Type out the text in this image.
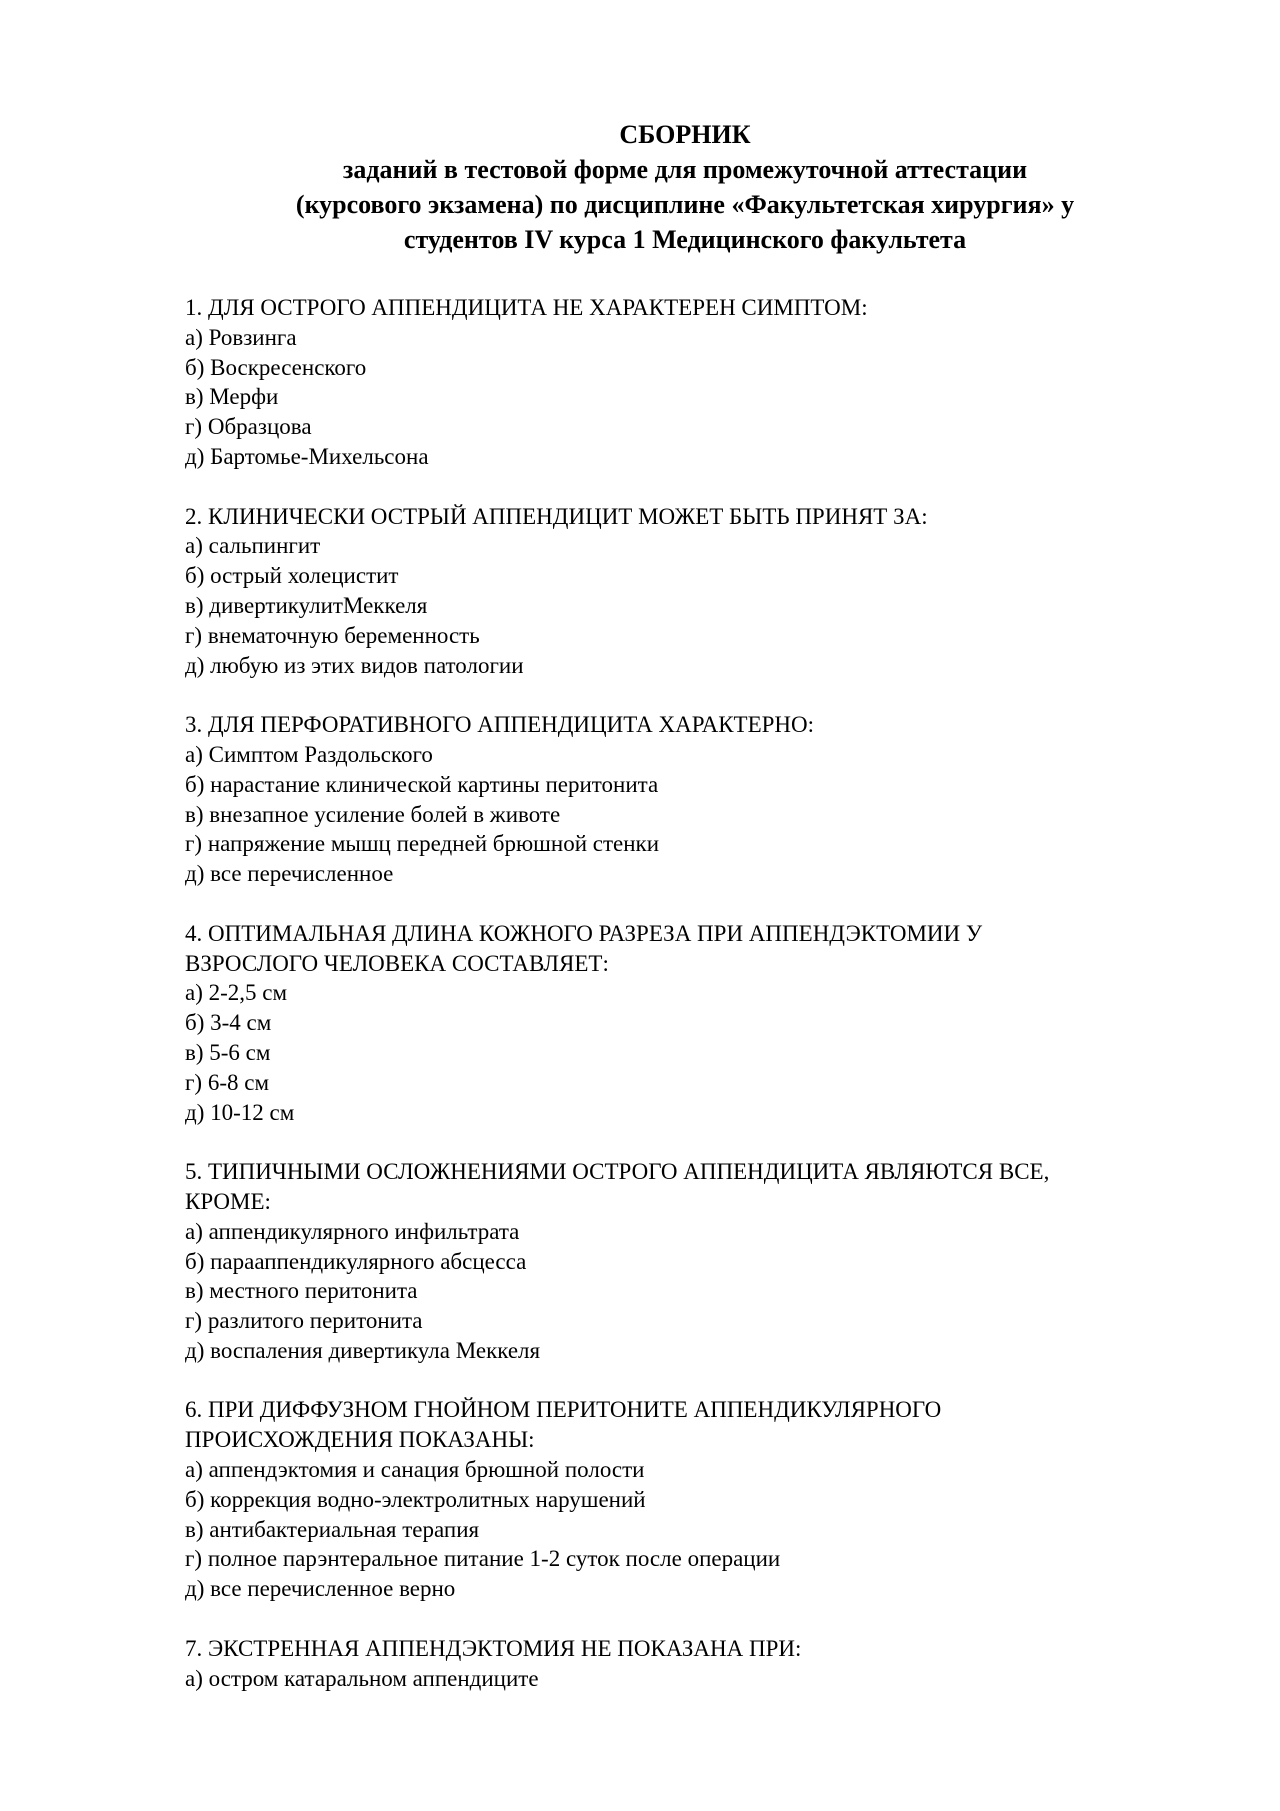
СБОРНИК
заданий в тестовой форме для промежуточной аттестации
(курсового экзамена) по дисциплине «Факультетская хирургия» у
студентов IV курса 1 Медицинского факультета
1. ДЛЯ ОСТРОГО АППЕНДИЦИТА НЕ ХАРАКТЕРЕН СИМПТОМ:
а) Ровзинга
б) Воскресенского
в) Мерфи
г) Образцова
д) Бартомье-Михельсона
2. КЛИНИЧЕСКИ ОСТРЫЙ АППЕНДИЦИТ МОЖЕТ БЫТЬ ПРИНЯТ ЗА:
а) сальпингит
б) острый холецистит
в) дивертикулитМеккеля
г) внематочную беременность
д) любую из этих видов патологии
3. ДЛЯ ПЕРФОРАТИВНОГО АППЕНДИЦИТА ХАРАКТЕРНО:
а) Симптом Раздольского
б) нарастание клинической картины перитонита
в) внезапное усиление болей в животе
г) напряжение мышц передней брюшной стенки
д) все перечисленное
4. ОПТИМАЛЬНАЯ ДЛИНА КОЖНОГО РАЗРЕЗА ПРИ АППЕНДЭКТОМИИ У
ВЗРОСЛОГО ЧЕЛОВЕКА СОСТАВЛЯЕТ:
а) 2-2,5 см
б) 3-4 см
в) 5-6 см
г) 6-8 см
д) 10-12 см
5. ТИПИЧНЫМИ ОСЛОЖНЕНИЯМИ ОСТРОГО АППЕНДИЦИТА ЯВЛЯЮТСЯ ВСЕ,
КРОМЕ:
а) аппендикулярного инфильтрата
б) парааппендикулярного абсцесса
в) местного перитонита
г) разлитого перитонита
д) воспаления дивертикула Меккеля
6. ПРИ ДИФФУЗНОМ ГНОЙНОМ ПЕРИТОНИТЕ АППЕНДИКУЛЯРНОГО
ПРОИСХОЖДЕНИЯ ПОКАЗАНЫ:
а) аппендэктомия и санация брюшной полости
б) коррекция водно-электролитных нарушений
в) антибактериальная терапия
г) полное парэнтеральное питание 1-2 суток после операции
д) все перечисленное верно
7. ЭКСТРЕННАЯ АППЕНДЭКТОМИЯ НЕ ПОКАЗАНА ПРИ:
а) остром катаральном аппендиците
